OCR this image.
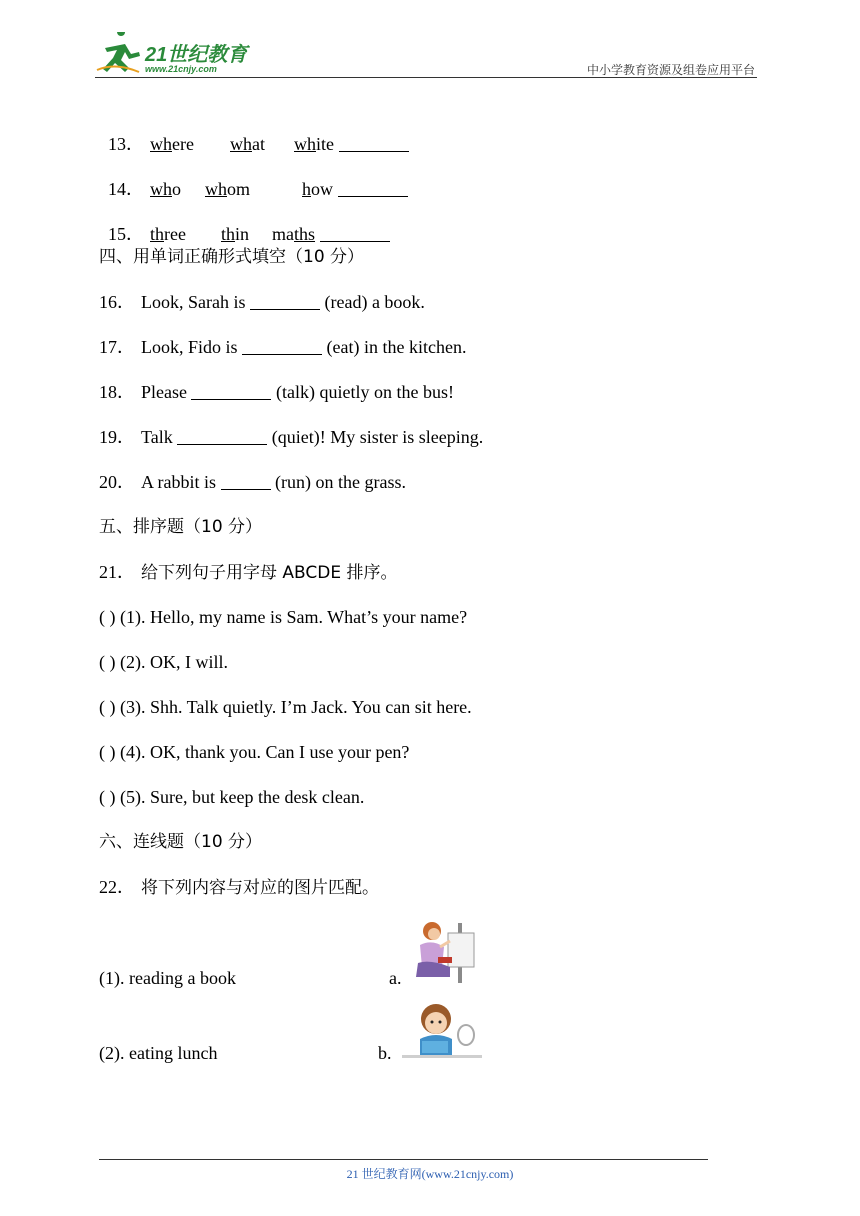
21世纪教育
www.21cnjy.com	中小学教育资源及组卷应用平台

13． where what white

14． who whom	how

15． three thin maths

四、用单词正确形式填空（10 分）
16． Look, Sarah is	(read) a book.
17． Look, Fido is	(eat) in the kitchen.
18． Please	(talk) quietly on the bus!
19． Talk	(quiet)! My sister is sleeping.
20． A rabbit is	(run) on the grass.
五、排序题（10 分）
21． 给下列句子用字母 ABCDE 排序。
( ) (1). Hello, my name is Sam. What’s your name?
( ) (2). OK, I will.
( ) (3). Shh. Talk quietly. I’m Jack. You can sit here.
( ) (4). OK, thank you. Can I use your pen?
( ) (5). Sure, but keep the desk clean.
六、连线题（10 分）
22． 将下列内容与对应的图片匹配。
(1). reading a book	a.
(2). eating lunch	b.
21 世纪教育网(www.21cnjy.com)
